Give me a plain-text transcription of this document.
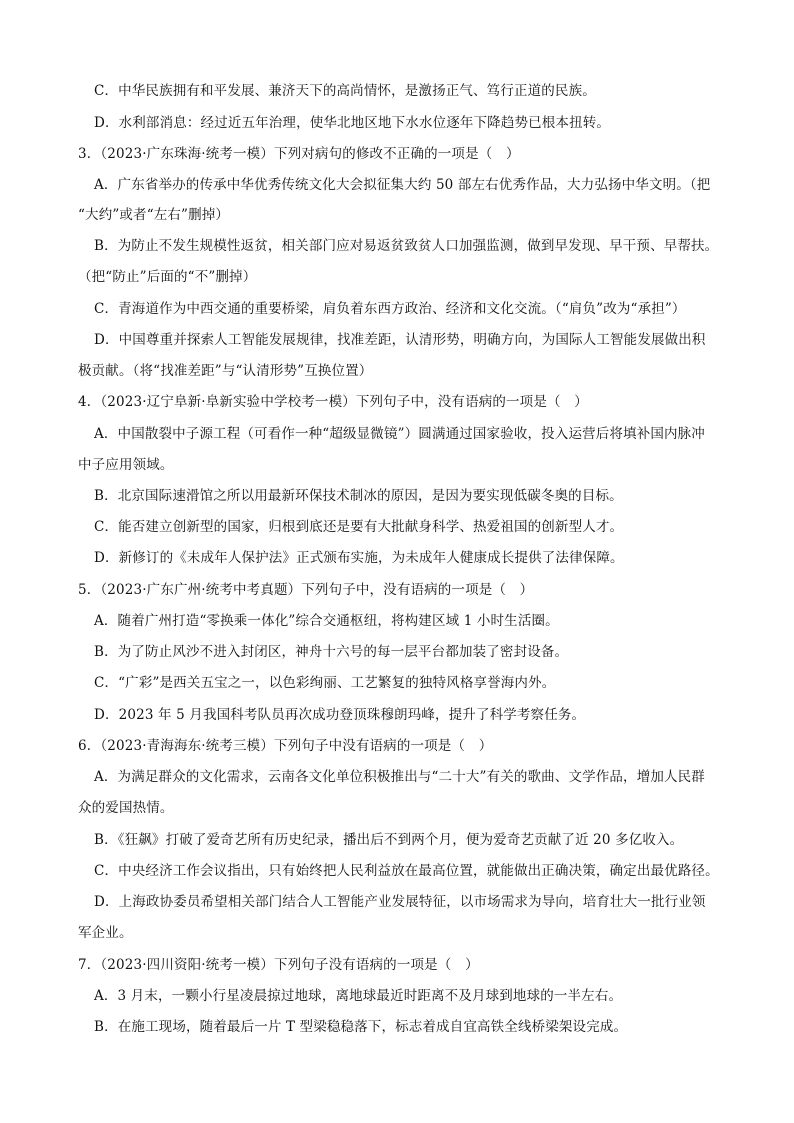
C．中华民族拥有和平发展、兼济天下的高尚情怀，是激扬正气、笃行正道的民族。
D．水利部消息：经过近五年治理，使华北地区地下水水位逐年下降趋势已根本扭转。
3．（2023·广东珠海·统考一模）下列对病句的修改不正确的一项是（　）
A．广东省举办的传承中华优秀传统文化大会拟征集大约 50 部左右优秀作品，大力弘扬中华文明。（把
“大约”或者“左右”删掉）
B．为防止不发生规模性返贫，相关部门应对易返贫致贫人口加强监测，做到早发现、早干预、早帮扶。
（把“防止”后面的“不”删掉）
C．青海道作为中西交通的重要桥梁，肩负着东西方政治、经济和文化交流。（“肩负”改为“承担”）
D．中国尊重并探索人工智能发展规律，找准差距，认清形势，明确方向，为国际人工智能发展做出积
极贡献。（将“找准差距”与“认清形势”互换位置）
4．（2023·辽宁阜新·阜新实验中学校考一模）下列句子中，没有语病的一项是（　）
A．中国散裂中子源工程（可看作一种“超级显微镜”）圆满通过国家验收，投入运营后将填补国内脉冲
中子应用领域。
B．北京国际速滑馆之所以用最新环保技术制冰的原因，是因为要实现低碳冬奥的目标。
C．能否建立创新型的国家，归根到底还是要有大批献身科学、热爱祖国的创新型人才。
D．新修订的《未成年人保护法》正式颁布实施，为未成年人健康成长提供了法律保障。
5．（2023·广东广州·统考中考真题）下列句子中，没有语病的一项是（　）
A．随着广州打造“零换乘一体化”综合交通枢纽，将构建区域 1 小时生活圈。
B．为了防止风沙不进入封闭区，神舟十六号的每一层平台都加装了密封设备。
C．“广彩”是西关五宝之一，以色彩绚丽、工艺繁复的独特风格享誉海内外。
D．2023 年 5 月我国科考队员再次成功登顶珠穆朗玛峰，提升了科学考察任务。
6．（2023·青海海东·统考三模）下列句子中没有语病的一项是（　）
A．为满足群众的文化需求，云南各文化单位积极推出与“二十大”有关的歌曲、文学作品，增加人民群
众的爱国热情。
B．《狂飙》打破了爱奇艺所有历史纪录，播出后不到两个月，便为爱奇艺贡献了近 20 多亿收入。
C．中央经济工作会议指出，只有始终把人民利益放在最高位置，就能做出正确决策，确定出最优路径。
D．上海政协委员希望相关部门结合人工智能产业发展特征，以市场需求为导向，培育壮大一批行业领
军企业。
7．（2023·四川资阳·统考一模）下列句子没有语病的一项是（　）
A．3 月末，一颗小行星凌晨掠过地球，离地球最近时距离不及月球到地球的一半左右。
B．在施工现场，随着最后一片 T 型梁稳稳落下，标志着成自宜高铁全线桥梁架设完成。
